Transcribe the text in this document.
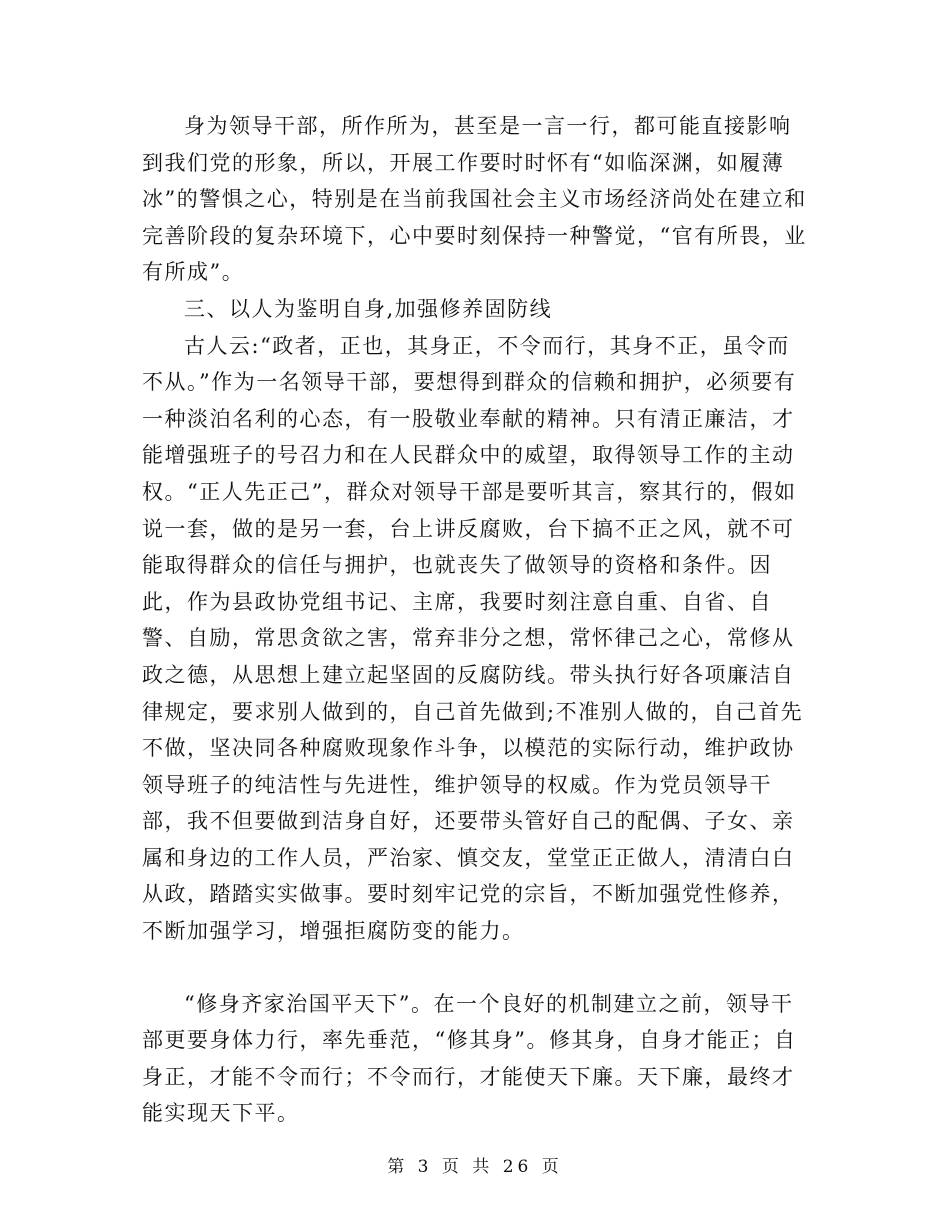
身为领导干部，所作所为，甚至是一言一行，都可能直接影响到我们党的形象，所以，开展工作要时时怀有“如临深渊，如履薄冰”的警惧之心，特别是在当前我国社会主义市场经济尚处在建立和完善阶段的复杂环境下，心中要时刻保持一种警觉，“官有所畏，业有所成”。

三、以人为鉴明自身,加强修养固防线

古人云:“政者，正也，其身正，不令而行，其身不正，虽令而不从。”作为一名领导干部，要想得到群众的信赖和拥护，必须要有一种淡泊名利的心态，有一股敬业奉献的精神。只有清正廉洁，才能增强班子的号召力和在人民群众中的威望，取得领导工作的主动权。“正人先正己”，群众对领导干部是要听其言，察其行的，假如说一套，做的是另一套，台上讲反腐败，台下搞不正之风，就不可能取得群众的信任与拥护，也就丧失了做领导的资格和条件。因此，作为县政协党组书记、主席，我要时刻注意自重、自省、自警、自励，常思贪欲之害，常弃非分之想，常怀律己之心，常修从政之德，从思想上建立起坚固的反腐防线。带头执行好各项廉洁自律规定，要求别人做到的，自己首先做到;不准别人做的，自己首先不做，坚决同各种腐败现象作斗争，以模范的实际行动，维护政协领导班子的纯洁性与先进性，维护领导的权威。作为党员领导干部，我不但要做到洁身自好，还要带头管好自己的配偶、子女、亲属和身边的工作人员，严治家、慎交友，堂堂正正做人，清清白白从政，踏踏实实做事。要时刻牢记党的宗旨，不断加强党性修养，不断加强学习，增强拒腐防变的能力。

“修身齐家治国平天下”。在一个良好的机制建立之前，领导干部更要身体力行，率先垂范，“修其身”。修其身，自身才能正；自身正，才能不令而行；不令而行，才能使天下廉。天下廉，最终才能实现天下平。

第 3 页 共 26 页
